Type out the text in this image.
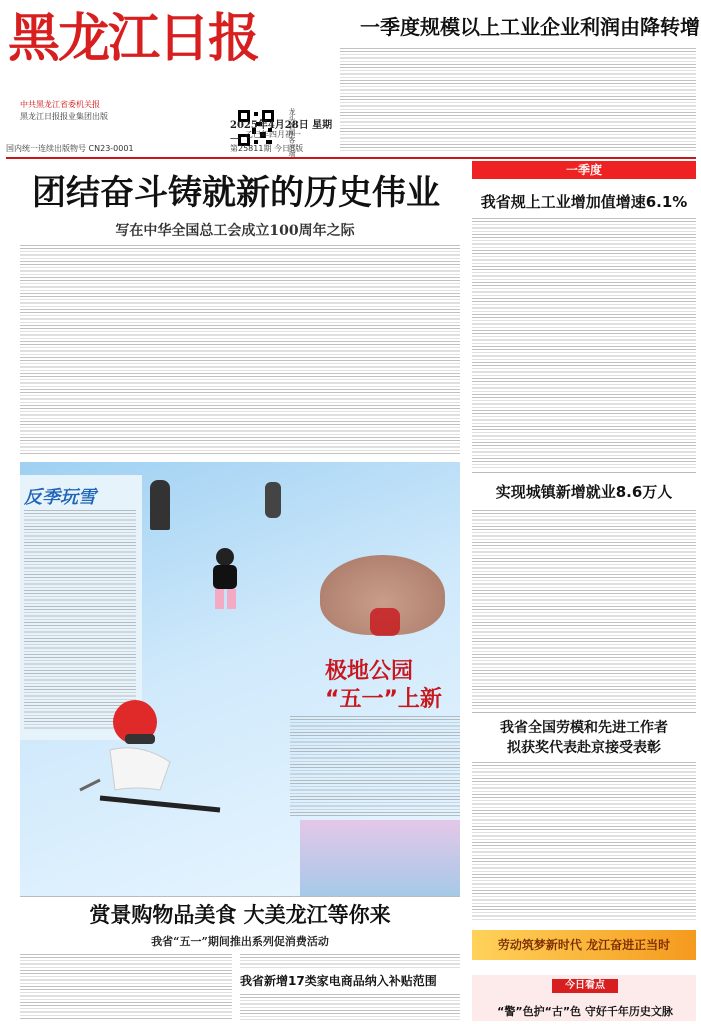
黑龙江日报
中共黑龙江省委机关报
黑龙江日报报业集团出版
国内统一连续出版物号 CN23-0001	龙头新闻客户端
2025年4月28日 星期一
乙巳年四月初一
第25811期 今日8版
一季度规模以上工业企业利润由降转增
团结奋斗铸就新的历史伟业
写在中华全国总工会成立100周年之际
一季度
我省规上工业增加值增速6.1%
实现城镇新增就业8.6万人
我省全国劳模和先进工作者
拟获奖代表赴京接受表彰
劳动筑梦新时代 龙江奋进正当时
今日看点
“警”色护“古”色 守好千年历史文脉
反季玩雪
极地公园
“五一”上新
赏景购物品美食 大美龙江等你来
我省“五一”期间推出系列促消费活动
我省新增17类家电商品纳入补贴范围
